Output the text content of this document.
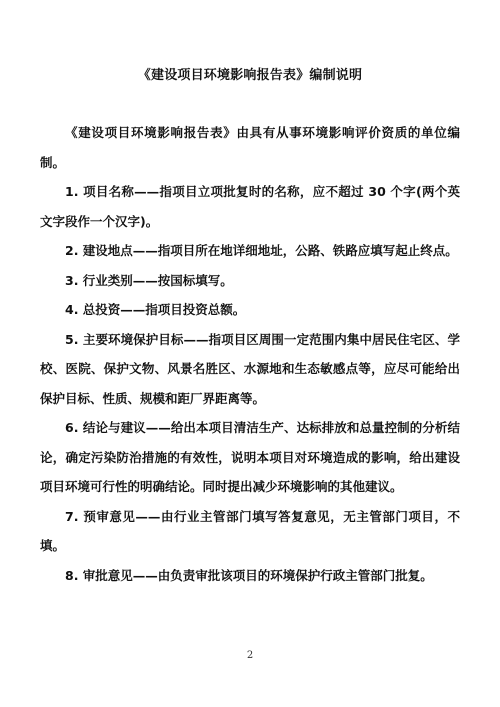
《建设项目环境影响报告表》编制说明

《建设项目环境影响报告表》由具有从事环境影响评价资质的单位编制。

1. 项目名称——指项目立项批复时的名称，应不超过 30 个字(两个英文字段作一个汉字)。

2. 建设地点——指项目所在地详细地址，公路、铁路应填写起止终点。

3. 行业类别——按国标填写。

4. 总投资——指项目投资总额。

5. 主要环境保护目标——指项目区周围一定范围内集中居民住宅区、学校、医院、保护文物、风景名胜区、水源地和生态敏感点等，应尽可能给出保护目标、性质、规模和距厂界距离等。

6. 结论与建议——给出本项目清洁生产、达标排放和总量控制的分析结论，确定污染防治措施的有效性，说明本项目对环境造成的影响，给出建设项目环境可行性的明确结论。同时提出减少环境影响的其他建议。

7. 预审意见——由行业主管部门填写答复意见，无主管部门项目，不填。

8. 审批意见——由负责审批该项目的环境保护行政主管部门批复。

2
